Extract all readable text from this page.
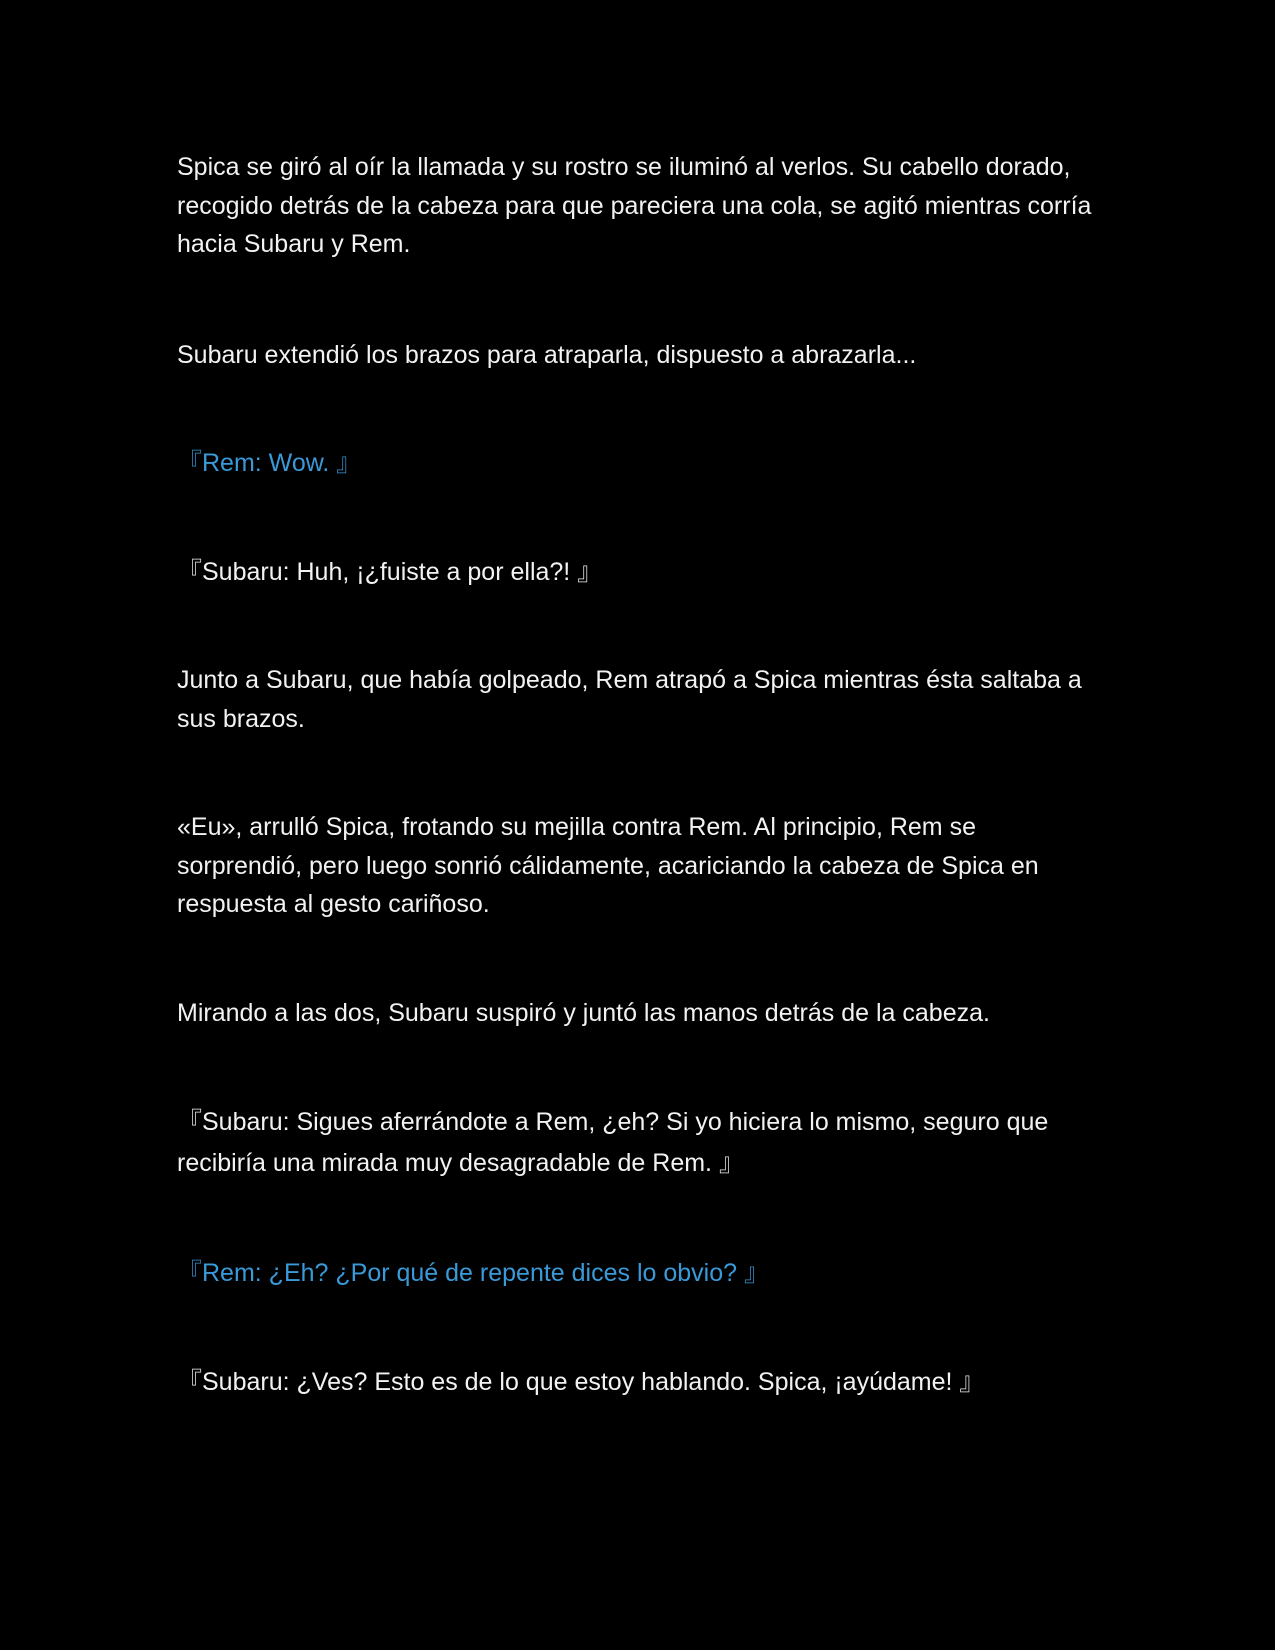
Spica se giró al oír la llamada y su rostro se iluminó al verlos. Su cabello dorado, recogido detrás de la cabeza para que pareciera una cola, se agitó mientras corría hacia Subaru y Rem.

Subaru extendió los brazos para atraparla, dispuesto a abrazarla...

『Rem: Wow. 』

『Subaru: Huh, ¡¿fuiste a por ella?! 』

Junto a Subaru, que había golpeado, Rem atrapó a Spica mientras ésta saltaba a sus brazos.

«Eu», arrulló Spica, frotando su mejilla contra Rem. Al principio, Rem se sorprendió, pero luego sonrió cálidamente, acariciando la cabeza de Spica en respuesta al gesto cariñoso.

Mirando a las dos, Subaru suspiró y juntó las manos detrás de la cabeza.

『Subaru: Sigues aferrándote a Rem, ¿eh? Si yo hiciera lo mismo, seguro que recibiría una mirada muy desagradable de Rem. 』

『Rem: ¿Eh? ¿Por qué de repente dices lo obvio? 』

『Subaru: ¿Ves? Esto es de lo que estoy hablando. Spica, ¡ayúdame! 』
